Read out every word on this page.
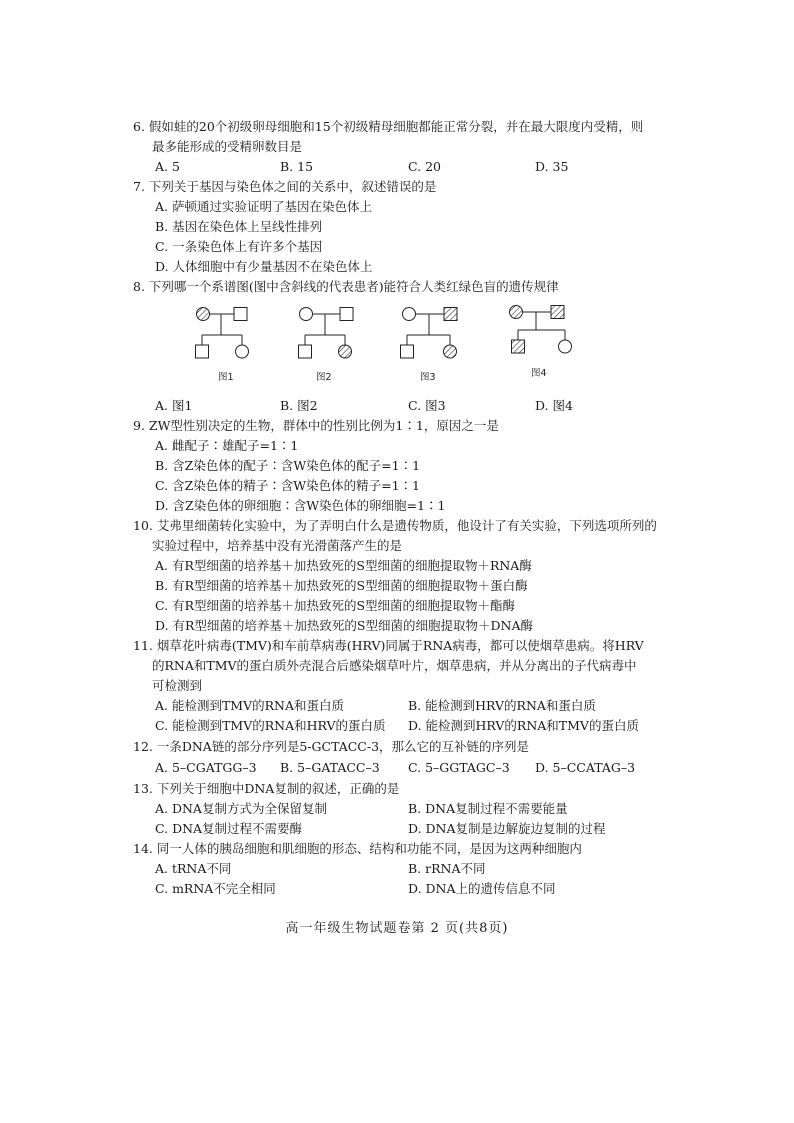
6. 假如蛙的20个初级卵母细胞和15个初级精母细胞都能正常分裂，并在最大限度内受精，则
最多能形成的受精卵数目是
A. 5	B. 15	C. 20	D. 35
7. 下列关于基因与染色体之间的关系中，叙述错误的是
A. 萨顿通过实验证明了基因在染色体上
B. 基因在染色体上呈线性排列
C. 一条染色体上有许多个基因
D. 人体细胞中有少量基因不在染色体上
8. 下列哪一个系谱图(图中含斜线的代表患者)能符合人类红绿色盲的遗传规律
图1	图2	图3	图4
A. 图1	B. 图2	C. 图3	D. 图4
9. ZW型性别决定的生物，群体中的性别比例为1∶1，原因之一是
A. 雌配子∶雄配子=1∶1
B. 含Z染色体的配子∶含W染色体的配子=1∶1
C. 含Z染色体的精子∶含W染色体的精子=1∶1
D. 含Z染色体的卵细胞∶含W染色体的卵细胞=1∶1
10. 艾弗里细菌转化实验中，为了弄明白什么是遗传物质，他设计了有关实验，下列选项所列的
实验过程中，培养基中没有光滑菌落产生的是
A. 有R型细菌的培养基＋加热致死的S型细菌的细胞提取物＋RNA酶
B. 有R型细菌的培养基＋加热致死的S型细菌的细胞提取物＋蛋白酶
C. 有R型细菌的培养基＋加热致死的S型细菌的细胞提取物＋酯酶
D. 有R型细菌的培养基＋加热致死的S型细菌的细胞提取物＋DNA酶
11. 烟草花叶病毒(TMV)和车前草病毒(HRV)同属于RNA病毒，都可以使烟草患病。将HRV
的RNA和TMV的蛋白质外壳混合后感染烟草叶片，烟草患病，并从分离出的子代病毒中
可检测到
A. 能检测到TMV的RNA和蛋白质	B. 能检测到HRV的RNA和蛋白质
C. 能检测到TMV的RNA和HRV的蛋白质 D. 能检测到HRV的RNA和TMV的蛋白质
12. 一条DNA链的部分序列是5-GCTACC-3，那么它的互补链的序列是
A. 5–CGATGG–3 B. 5–GATACC–3 C. 5–GGTAGC–3 D. 5–CCATAG–3
13. 下列关于细胞中DNA复制的叙述，正确的是
A. DNA复制方式为全保留复制	B. DNA复制过程不需要能量
C. DNA复制过程不需要酶	D. DNA复制是边解旋边复制的过程
14. 同一人体的胰岛细胞和肌细胞的形态、结构和功能不同，是因为这两种细胞内
A. tRNA不同	B. rRNA不同
C. mRNA不完全相同	D. DNA上的遗传信息不同
高一年级生物试题卷第 2 页(共8页)
